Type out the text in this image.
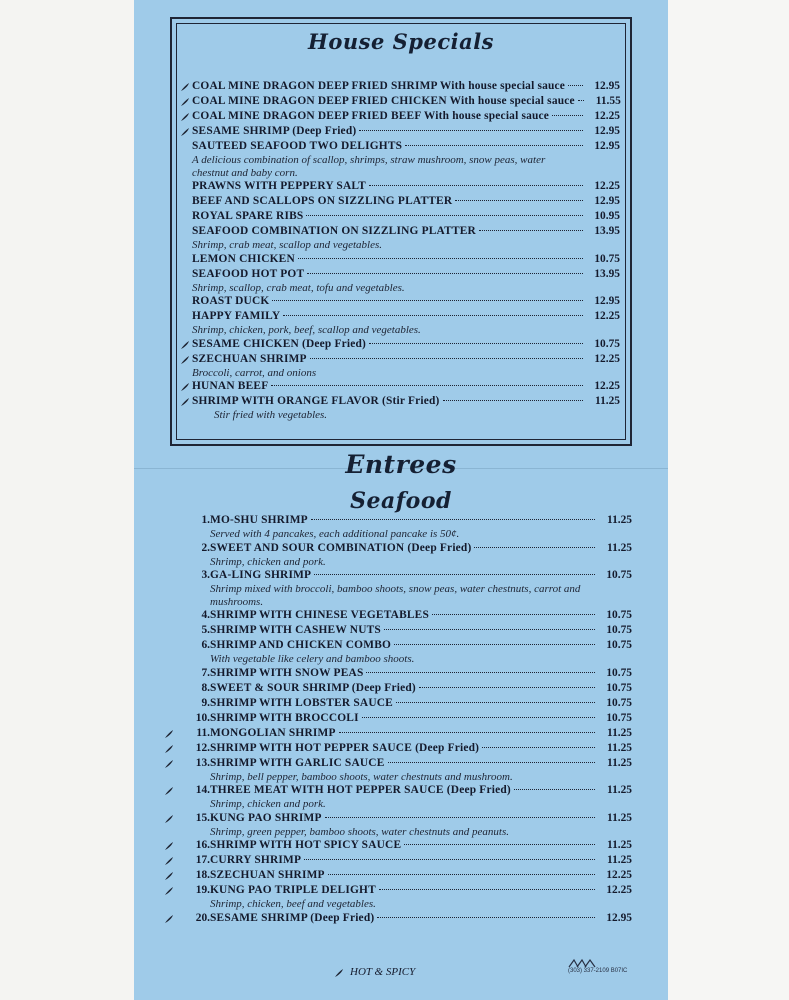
House Specials
COAL MINE DRAGON DEEP FRIED SHRIMP With house special sauce	12.95
COAL MINE DRAGON DEEP FRIED CHICKEN With house special sauce	11.55
COAL MINE DRAGON DEEP FRIED BEEF With house special sauce	12.25
SESAME SHRIMP (Deep Fried)	12.95
SAUTEED SEAFOOD TWO DELIGHTS	12.95
A delicious combination of scallop, shrimps, straw mushroom, snow peas, water chestnut and baby corn.
PRAWNS WITH PEPPERY SALT	12.25
BEEF AND SCALLOPS ON SIZZLING PLATTER	12.95
ROYAL SPARE RIBS	10.95
SEAFOOD COMBINATION ON SIZZLING PLATTER	13.95
Shrimp, crab meat, scallop and vegetables.
LEMON CHICKEN	10.75
SEAFOOD HOT POT	13.95
Shrimp, scallop, crab meat, tofu and vegetables.
ROAST DUCK	12.95
HAPPY FAMILY	12.25
Shrimp, chicken, pork, beef, scallop and vegetables.
SESAME CHICKEN (Deep Fried)	10.75
SZECHUAN SHRIMP	12.25
Broccoli, carrot, and onions
HUNAN BEEF	12.25
SHRIMP WITH ORANGE FLAVOR (Stir Fried)	11.25
Stir fried with vegetables.
Entrees
Seafood
1. MO-SHU SHRIMP	11.25
Served with 4 pancakes, each additional pancake is 50¢.
2. SWEET AND SOUR COMBINATION (Deep Fried)	11.25
Shrimp, chicken and pork.
3. GA-LING SHRIMP	10.75
Shrimp mixed with broccoli, bamboo shoots, snow peas, water chestnuts, carrot and mushrooms.
4. SHRIMP WITH CHINESE VEGETABLES	10.75
5. SHRIMP WITH CASHEW NUTS	10.75
6. SHRIMP AND CHICKEN COMBO	10.75
With vegetable like celery and bamboo shoots.
7. SHRIMP WITH SNOW PEAS	10.75
8. SWEET & SOUR SHRIMP (Deep Fried)	10.75
9. SHRIMP WITH LOBSTER SAUCE	10.75
10. SHRIMP WITH BROCCOLI	10.75
11. MONGOLIAN SHRIMP	11.25
12. SHRIMP WITH HOT PEPPER SAUCE (Deep Fried)	11.25
13. SHRIMP WITH GARLIC SAUCE	11.25
Shrimp, bell pepper, bamboo shoots, water chestnuts and mushroom.
14. THREE MEAT WITH HOT PEPPER SAUCE (Deep Fried)	11.25
Shrimp, chicken and pork.
15. KUNG PAO SHRIMP	11.25
Shrimp, green pepper, bamboo shoots, water chestnuts and peanuts.
16. SHRIMP WITH HOT SPICY SAUCE	11.25
17. CURRY SHRIMP	11.25
18. SZECHUAN SHRIMP	12.25
19. KUNG PAO TRIPLE DELIGHT	12.25
Shrimp, chicken, beef and vegetables.
20. SESAME SHRIMP (Deep Fried)	12.95
HOT & SPICY	(303) 337-2109 B07IC
